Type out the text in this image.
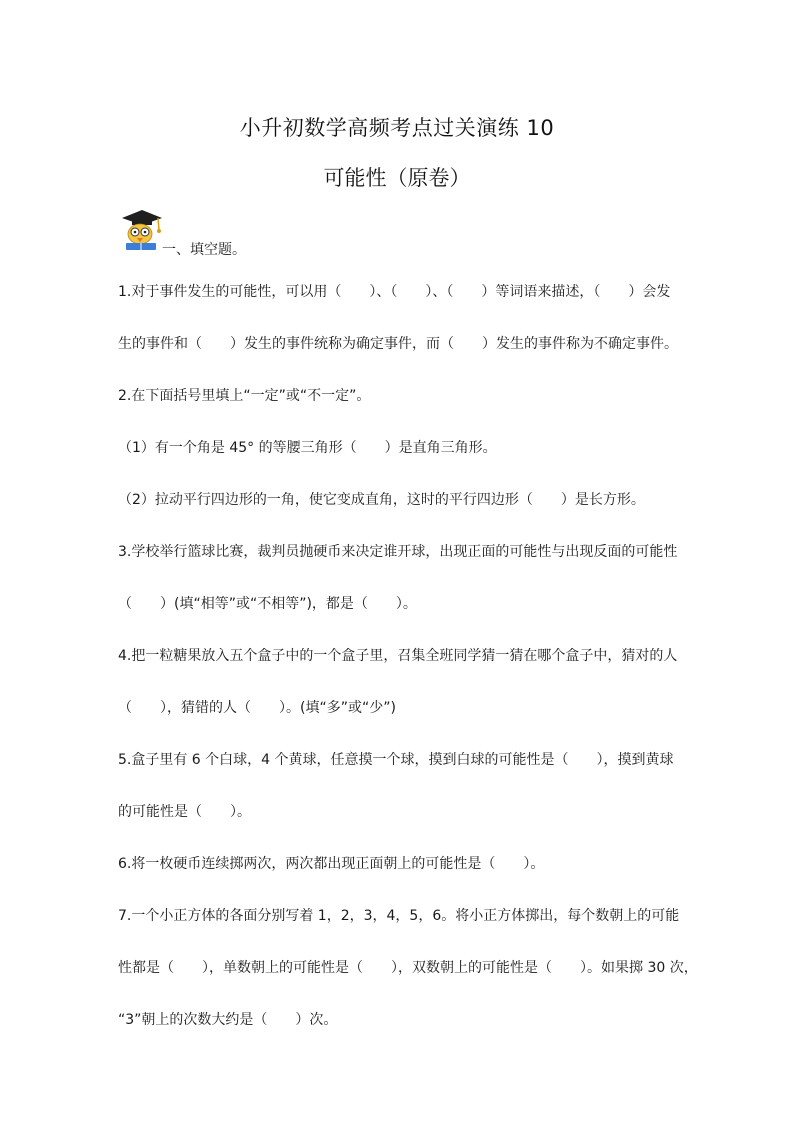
小升初数学高频考点过关演练 10
可能性（原卷）
一、填空题。
1.对于事件发生的可能性，可以用（　　）、（　　）、（　　）等词语来描述，（　　）会发
生的事件和（　　）发生的事件统称为确定事件，而（　　）发生的事件称为不确定事件。
2.在下面括号里填上“一定”或“不一定”。
（1）有一个角是 45° 的等腰三角形（　　）是直角三角形。
（2）拉动平行四边形的一角，使它变成直角，这时的平行四边形（　　）是长方形。
3.学校举行篮球比赛，裁判员抛硬币来决定谁开球，出现正面的可能性与出现反面的可能性
（　　）(填“相等”或“不相等”)，都是（　　）。
4.把一粒糖果放入五个盒子中的一个盒子里，召集全班同学猜一猜在哪个盒子中，猜对的人
（　　），猜错的人（　　）。(填“多”或“少”)
5.盒子里有 6 个白球，4 个黄球，任意摸一个球，摸到白球的可能性是（　　），摸到黄球
的可能性是（　　）。
6.将一枚硬币连续掷两次，两次都出现正面朝上的可能性是（　　）。
7.一个小正方体的各面分别写着 1，2，3，4，5，6。将小正方体掷出，每个数朝上的可能
性都是（　　），单数朝上的可能性是（　　），双数朝上的可能性是（　　）。如果掷 30 次，
“3”朝上的次数大约是（　　）次。
